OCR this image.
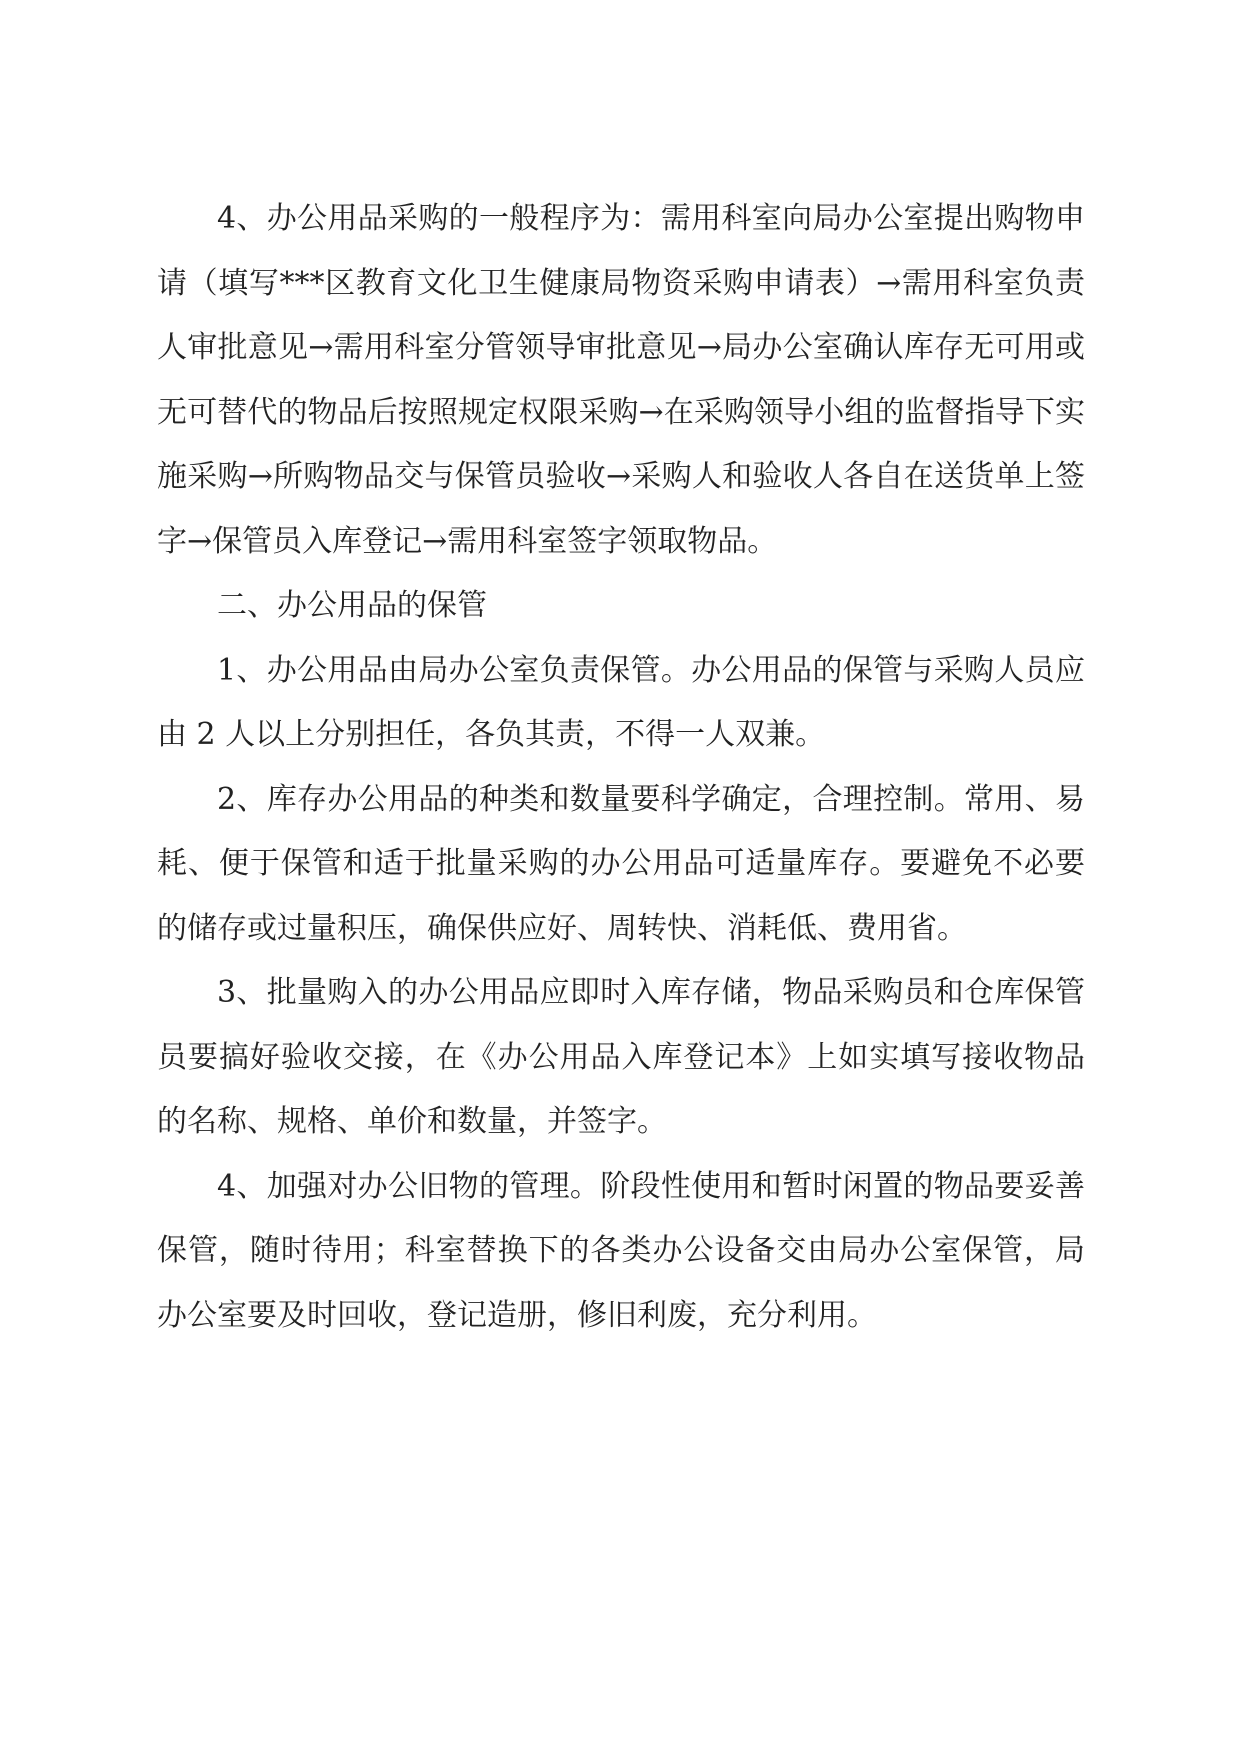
4、办公用品采购的一般程序为：需用科室向局办公室提出购物申请（填写***区教育文化卫生健康局物资采购申请表）→需用科室负责人审批意见→需用科室分管领导审批意见→局办公室确认库存无可用或无可替代的物品后按照规定权限采购→在采购领导小组的监督指导下实施采购→所购物品交与保管员验收→采购人和验收人各自在送货单上签字→保管员入库登记→需用科室签字领取物品。

二、办公用品的保管

1、办公用品由局办公室负责保管。办公用品的保管与采购人员应由 2 人以上分别担任，各负其责，不得一人双兼。

2、库存办公用品的种类和数量要科学确定，合理控制。常用、易耗、便于保管和适于批量采购的办公用品可适量库存。要避免不必要的储存或过量积压，确保供应好、周转快、消耗低、费用省。

3、批量购入的办公用品应即时入库存储，物品采购员和仓库保管员要搞好验收交接，在《办公用品入库登记本》上如实填写接收物品的名称、规格、单价和数量，并签字。

4、加强对办公旧物的管理。阶段性使用和暂时闲置的物品要妥善保管，随时待用；科室替换下的各类办公设备交由局办公室保管，局办公室要及时回收，登记造册，修旧利废，充分利用。
